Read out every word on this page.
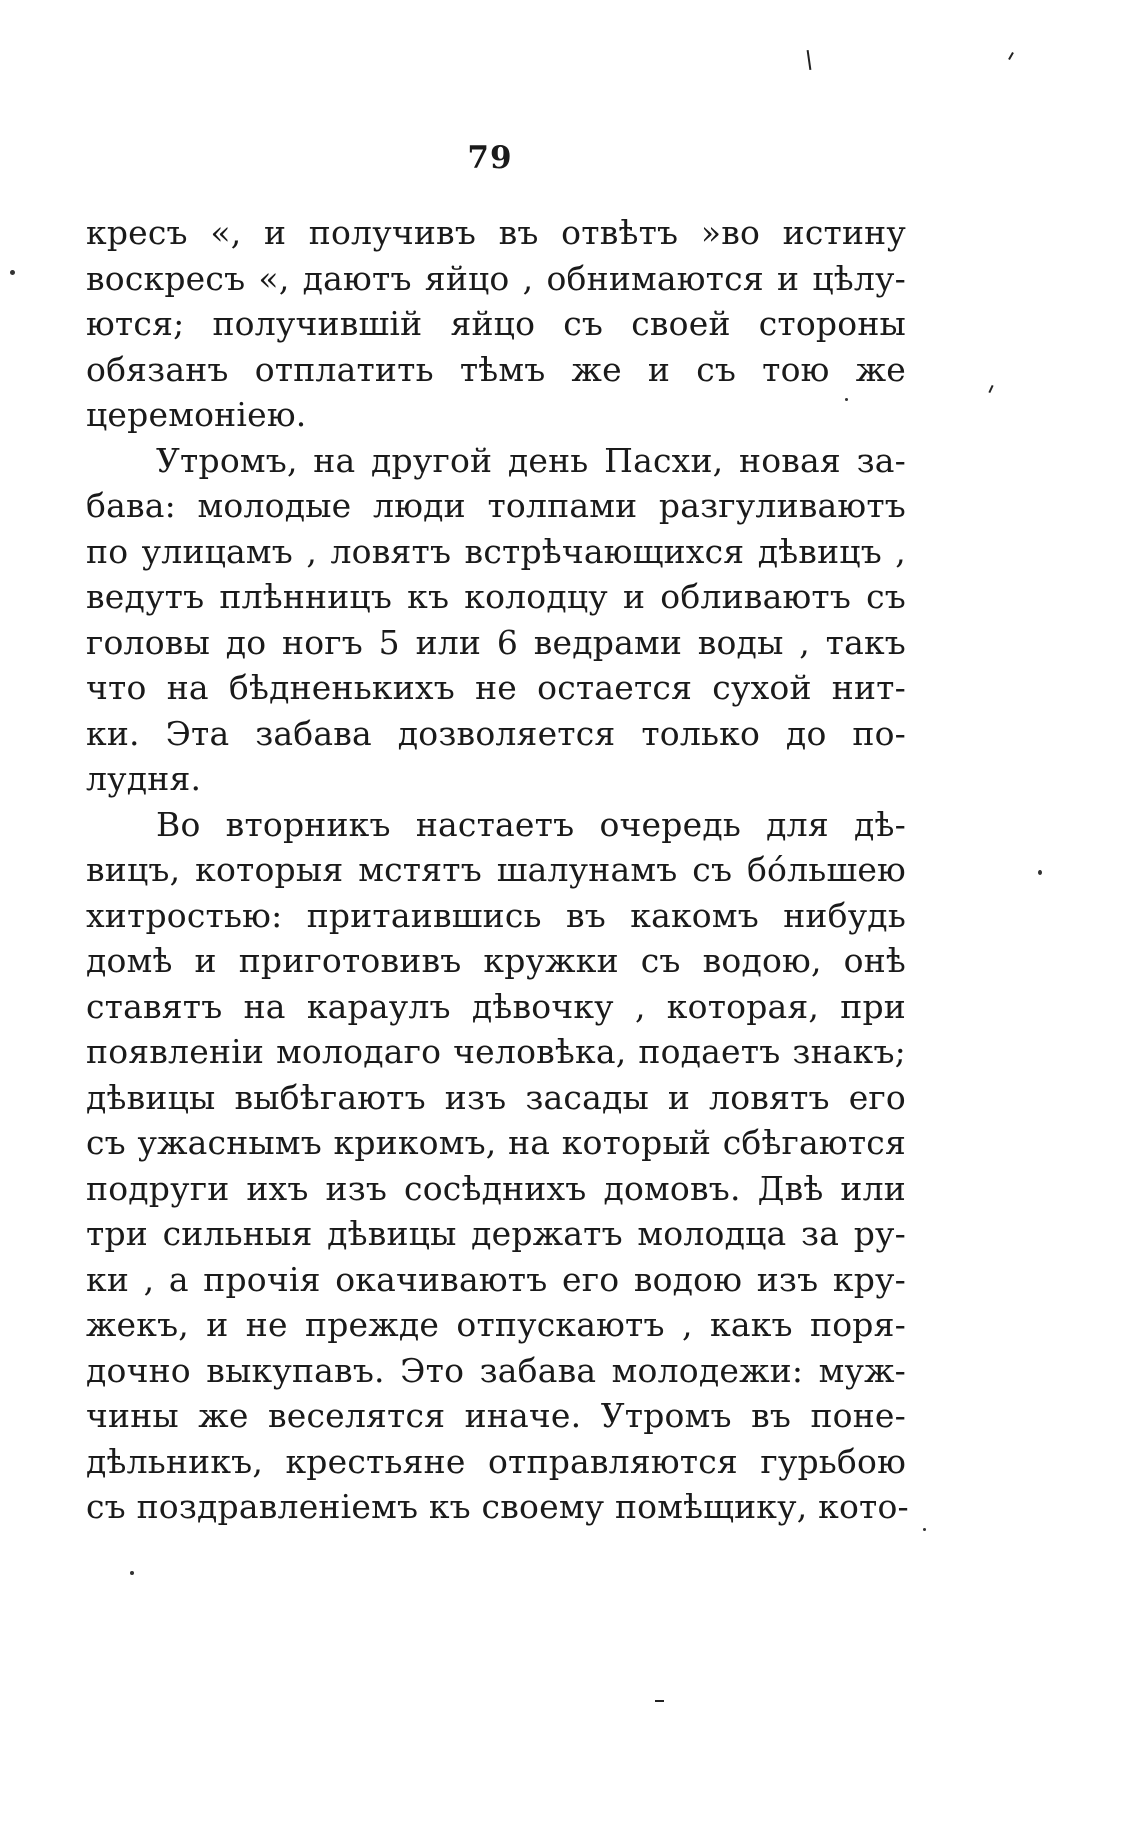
79
кресъ «, и получивъ въ отвѣтъ »во истину
воскресъ «, даютъ яйцо , обнимаются и цѣлу-
ются; получившій яйцо съ своей стороны
обязанъ отплатить тѣмъ же и съ тою же
церемоніею.
Утромъ, на другой день Пасхи, новая за-
бава: молодые люди толпами разгуливаютъ
по улицамъ , ловятъ встрѣчающихся дѣвицъ ,
ведутъ плѣнницъ къ колодцу и обливаютъ съ
головы до ногъ 5 или 6 ведрами воды , такъ
что на бѣдненькихъ не остается сухой нит-
ки. Эта забава дозволяется только до по-
лудня.
Во вторникъ настаетъ очередь для дѣ-
вицъ, которыя мстятъ шалунамъ съ бо́льшею
хитростью: притаившись въ какомъ нибудь
домѣ и приготовивъ кружки съ водою, онѣ
ставятъ на караулъ дѣвочку , которая, при
появленіи молодаго человѣка, подаетъ знакъ;
дѣвицы выбѣгаютъ изъ засады и ловятъ его
съ ужаснымъ крикомъ, на который сбѣгаются
подруги ихъ изъ сосѣднихъ домовъ. Двѣ или
три сильныя дѣвицы держатъ молодца за ру-
ки , а прочія окачиваютъ его водою изъ кру-
жекъ, и не прежде отпускаютъ , какъ поря-
дочно выкупавъ. Это забава молодежи: муж-
чины же веселятся иначе. Утромъ въ поне-
дѣльникъ, крестьяне отправляются гурьбою
съ поздравленіемъ къ своему помѣщику, кото-
